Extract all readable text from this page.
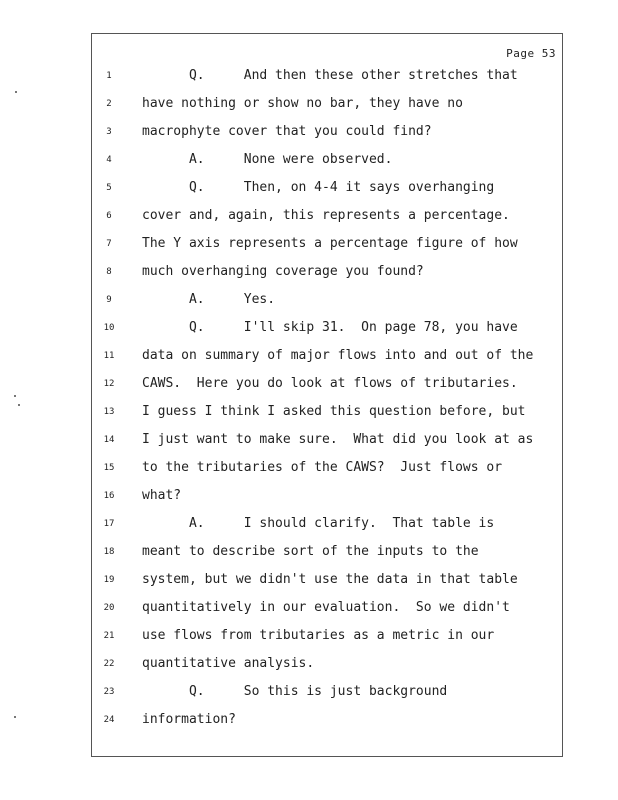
Page 53
1	Q.     And then these other stretches that
2	have nothing or show no bar, they have no
3	macrophyte cover that you could find?
4	A.     None were observed.
5	Q.     Then, on 4-4 it says overhanging
6	cover and, again, this represents a percentage.
7	The Y axis represents a percentage figure of how
8	much overhanging coverage you found?
9	A.     Yes.
10	Q.     I'll skip 31.  On page 78, you have
11	data on summary of major flows into and out of the
12	CAWS.  Here you do look at flows of tributaries.
13	I guess I think I asked this question before, but
14	I just want to make sure.  What did you look at as
15	to the tributaries of the CAWS?  Just flows or
16	what?
17	A.     I should clarify.  That table is
18	meant to describe sort of the inputs to the
19	system, but we didn't use the data in that table
20	quantitatively in our evaluation.  So we didn't
21	use flows from tributaries as a metric in our
22	quantitative analysis.
23	Q.     So this is just background
24	information?
